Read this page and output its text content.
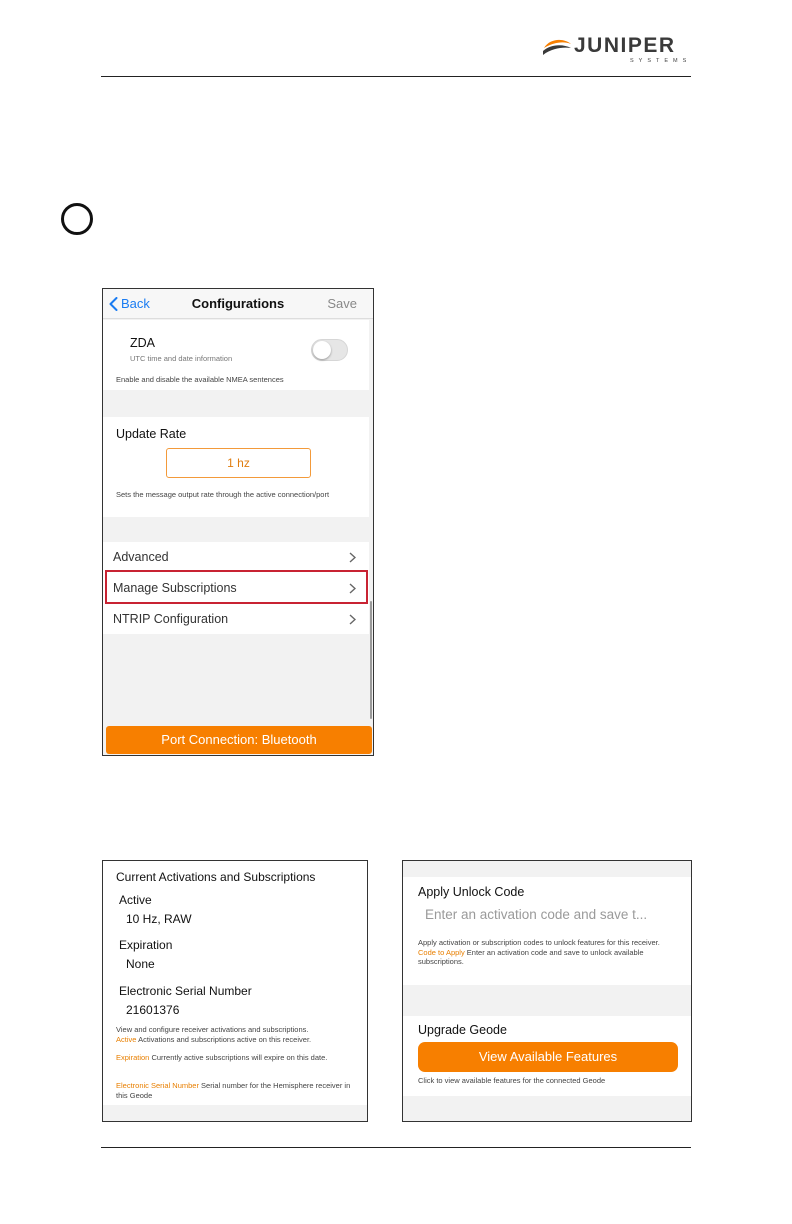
JUNIPER
SYSTEMS
Back	Configurations	Save
ZDA
UTC time and date information
Enable and disable the available NMEA sentences
Update Rate
1 hz
Sets the message output rate through the active connection/port
Advanced
Manage Subscriptions
NTRIP Configuration
Port Connection: Bluetooth
Current Activations and Subscriptions
Active
10 Hz, RAW
Expiration
None
Electronic Serial Number
21601376
View and configure receiver activations and subscriptions.
Active Activations and subscriptions active on this receiver.
Expiration Currently active subscriptions will expire on this date.
Electronic Serial Number Serial number for the Hemisphere receiver in this Geode
Apply Unlock Code
Enter an activation code and save t...
Apply activation or subscription codes to unlock features for this receiver.
Code to Apply Enter an activation code and save to unlock available subscriptions.
Upgrade Geode
View Available Features
Click to view available features for the connected Geode
